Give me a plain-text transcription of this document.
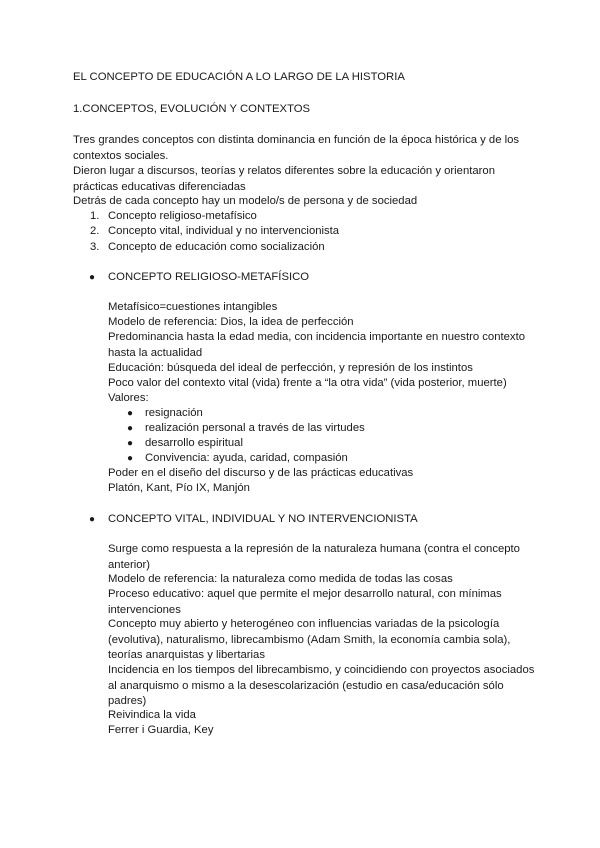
EL CONCEPTO DE EDUCACIÓN A LO LARGO DE LA HISTORIA

1.CONCEPTOS, EVOLUCIÓN Y CONTEXTOS

Tres grandes conceptos con distinta dominancia en función de la época histórica y de los contextos sociales.

Dieron lugar a discursos, teorías y relatos diferentes sobre la educación y orientaron prácticas educativas diferenciadas

Detrás de cada concepto hay un modelo/s de persona y de sociedad

1. Concepto religioso-metafísico
2. Concepto vital, individual y no intervencionista
3. Concepto de educación como socialización
● CONCEPTO RELIGIOSO-METAFÍSICO

Metafísico=cuestiones intangibles

Modelo de referencia: Dios, la idea de perfección

Predominancia hasta la edad media, con incidencia importante en nuestro contexto hasta la actualidad

Educación: búsqueda del ideal de perfección, y represión de los instintos

Poco valor del contexto vital (vida) frente a “la otra vida” (vida posterior, muerte)

Valores:

● resignación
● realización personal a través de las virtudes
● desarrollo espiritual
● Convivencia: ayuda, caridad, compasión

Poder en el diseño del discurso y de las prácticas educativas

Platón, Kant, Pío IX, Manjón

● CONCEPTO VITAL, INDIVIDUAL Y NO INTERVENCIONISTA

Surge como respuesta a la represión de la naturaleza humana (contra el concepto anterior)

Modelo de referencia: la naturaleza como medida de todas las cosas

Proceso educativo: aquel que permite el mejor desarrollo natural, con mínimas intervenciones

Concepto muy abierto y heterogéneo con influencias variadas de la psicología (evolutiva), naturalismo, librecambismo (Adam Smith, la economía cambia sola), teorías anarquistas y libertarias

Incidencia en los tiempos del librecambismo, y coincidiendo con proyectos asociados al anarquismo o mismo a la desescolarización (estudio en casa/educación sólo padres)

Reivindica la vida

Ferrer i Guardia, Key
